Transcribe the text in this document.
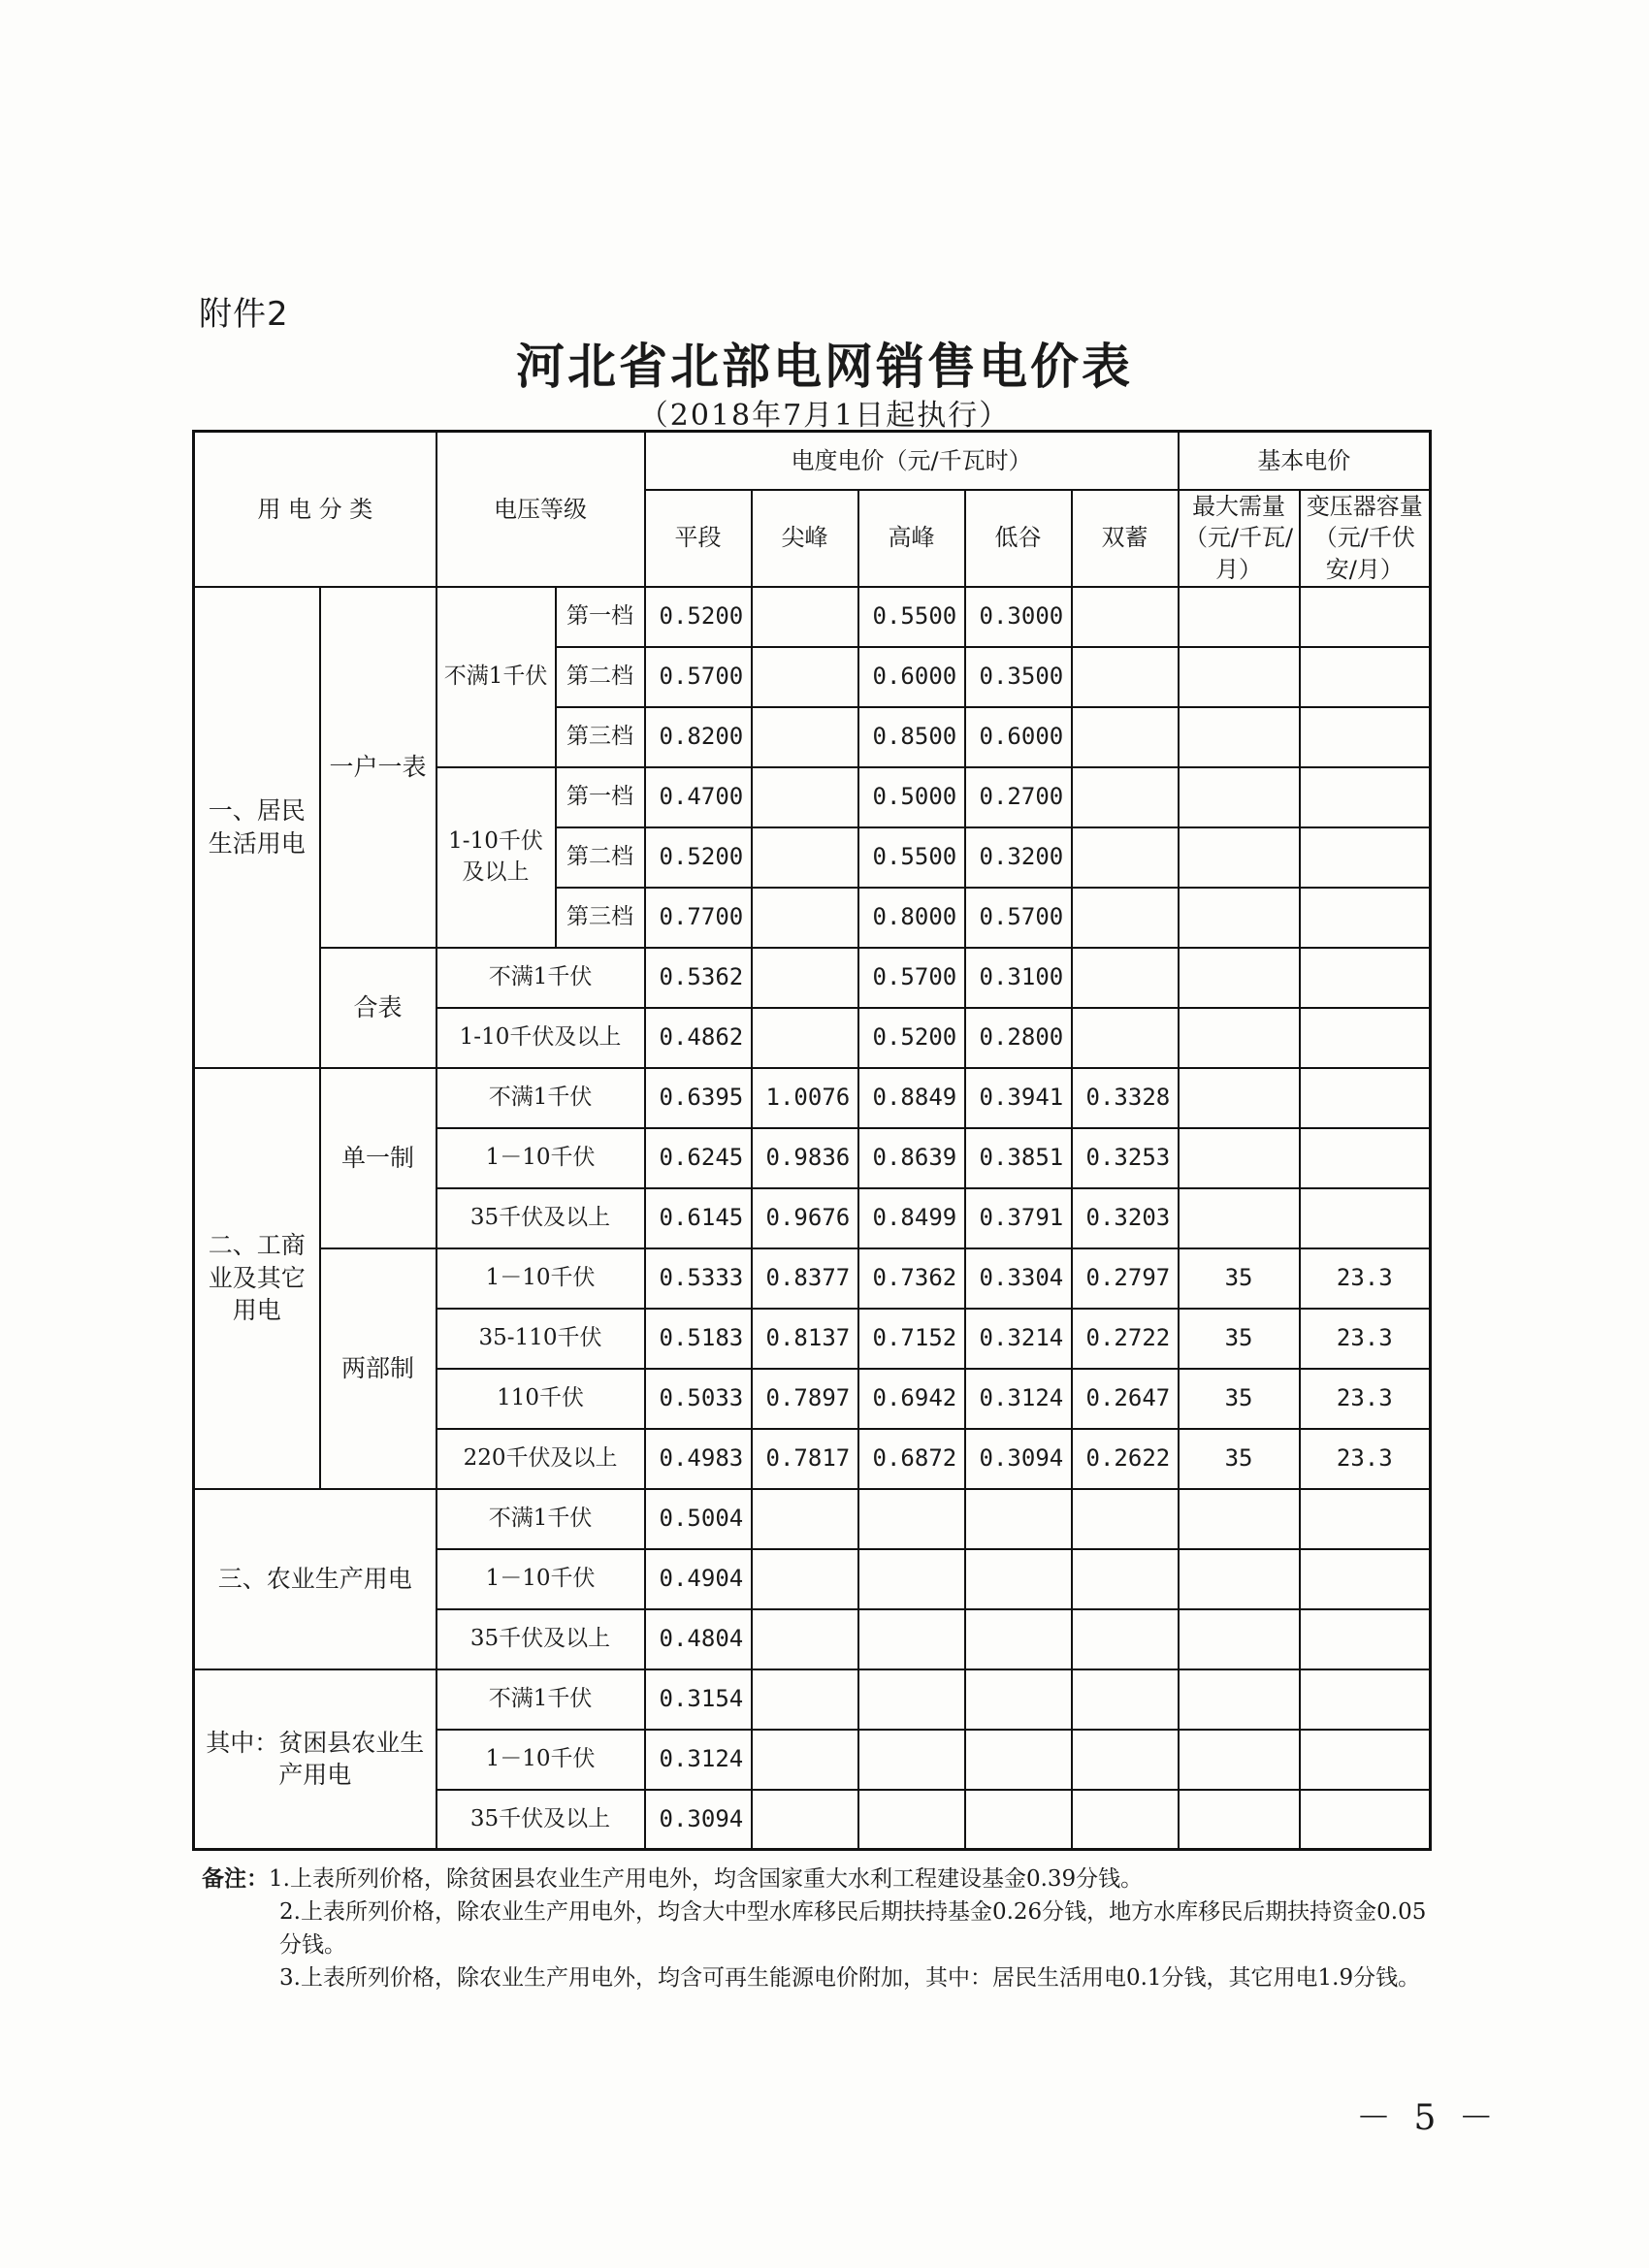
附件2
河北省北部电网销售电价表
（2018年7月1日起执行）
用 电 分 类		电压等级		电度电价（元/千瓦时）					基本电价	
				平段	尖峰	高峰	低谷	双蓄	最大需量（元/千瓦/月）	变压器容量（元/千伏安/月）
一、居民生活用电	一户一表	不满1千伏	第一档	0.5200		0.5500	0.3000			
			第二档	0.5700		0.6000	0.3500			
			第三档	0.8200		0.8500	0.6000			
		1-10千伏及以上	第一档	0.4700		0.5000	0.2700			
			第二档	0.5200		0.5500	0.3200			
			第三档	0.7700		0.8000	0.5700			
	合表	不满1千伏		0.5362		0.5700	0.3100			
		1-10千伏及以上		0.4862		0.5200	0.2800			
二、工商业及其它用电	单一制	不满1千伏		0.6395	1.0076	0.8849	0.3941	0.3328		
		1－10千伏		0.6245	0.9836	0.8639	0.3851	0.3253		
		35千伏及以上		0.6145	0.9676	0.8499	0.3791	0.3203		
	两部制	1－10千伏		0.5333	0.8377	0.7362	0.3304	0.2797	35	23.3
		35-110千伏		0.5183	0.8137	0.7152	0.3214	0.2722	35	23.3
		110千伏		0.5033	0.7897	0.6942	0.3124	0.2647	35	23.3
		220千伏及以上		0.4983	0.7817	0.6872	0.3094	0.2622	35	23.3
三、农业生产用电		不满1千伏		0.5004						
		1－10千伏		0.4904						
		35千伏及以上		0.4804						
其中：贫困县农业生产用电		不满1千伏		0.3154						
		1－10千伏		0.3124						
		35千伏及以上		0.3094						

备注：1.上表所列价格，除贫困县农业生产用电外，均含国家重大水利工程建设基金0.39分钱。

2.上表所列价格，除农业生产用电外，均含大中型水库移民后期扶持基金0.26分钱，地方水库移民后期扶持资金0.05分钱。

3.上表所列价格，除农业生产用电外，均含可再生能源电价附加，其中：居民生活用电0.1分钱，其它用电1.9分钱。

－ 5 －
